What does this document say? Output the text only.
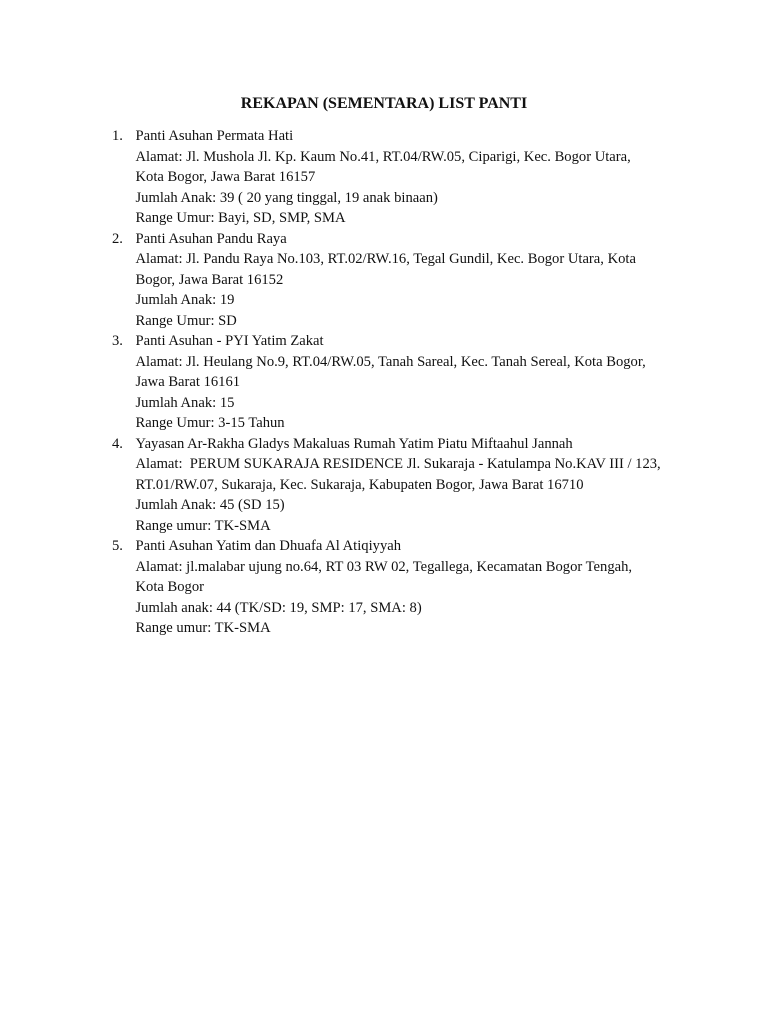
REKAPAN (SEMENTARA) LIST PANTI
1. Panti Asuhan Permata Hati
Alamat: Jl. Mushola Jl. Kp. Kaum No.41, RT.04/RW.05, Ciparigi, Kec. Bogor Utara,
Kota Bogor, Jawa Barat 16157
Jumlah Anak: 39 ( 20 yang tinggal, 19 anak binaan)
Range Umur: Bayi, SD, SMP, SMA
2. Panti Asuhan Pandu Raya
Alamat: Jl. Pandu Raya No.103, RT.02/RW.16, Tegal Gundil, Kec. Bogor Utara, Kota
Bogor, Jawa Barat 16152
Jumlah Anak: 19
Range Umur: SD
3. Panti Asuhan - PYI Yatim Zakat
Alamat: Jl. Heulang No.9, RT.04/RW.05, Tanah Sareal, Kec. Tanah Sereal, Kota Bogor,
Jawa Barat 16161
Jumlah Anak: 15
Range Umur: 3-15 Tahun
4. Yayasan Ar-Rakha Gladys Makaluas Rumah Yatim Piatu Miftaahul Jannah
Alamat:  PERUM SUKARAJA RESIDENCE Jl. Sukaraja - Katulampa No.KAV III / 123,
RT.01/RW.07, Sukaraja, Kec. Sukaraja, Kabupaten Bogor, Jawa Barat 16710
Jumlah Anak: 45 (SD 15)
Range umur: TK-SMA
5. Panti Asuhan Yatim dan Dhuafa Al Atiqiyyah
Alamat: jl.malabar ujung no.64, RT 03 RW 02, Tegallega, Kecamatan Bogor Tengah,
Kota Bogor
Jumlah anak: 44 (TK/SD: 19, SMP: 17, SMA: 8)
Range umur: TK-SMA
